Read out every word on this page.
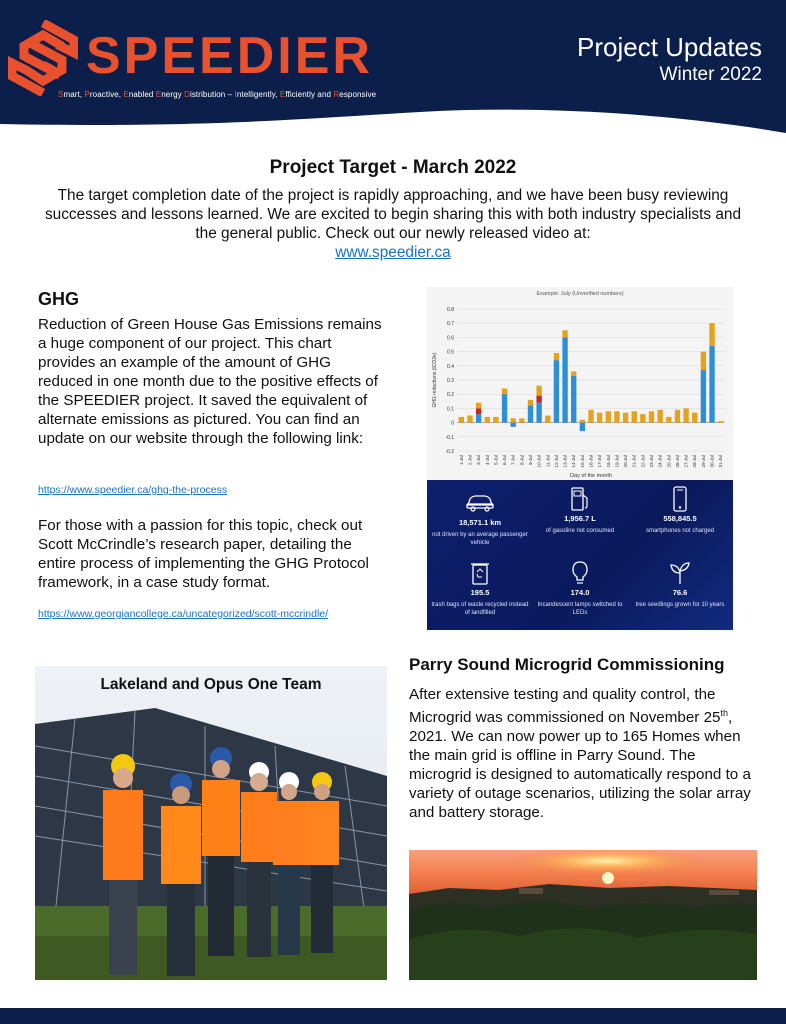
SPEEDIER
Smart, Proactive, Enabled Energy Distribution – Intelligently, Efficiently and Responsive
Project Updates
Winter 2022
Project Target - March 2022
The target completion date of the project is rapidly approaching, and we have been busy reviewing successes and lessons learned. We are excited to begin sharing this with both industry specialists and the general public. Check out our newly released video at:
www.speedier.ca
GHG
Reduction of Green House Gas Emissions remains a huge component of our project. This chart provides an example of the amount of GHG reduced in one month due to the positive effects of the SPEEDIER project. It saved the equivalent of alternate emissions as pictured. You can find an update on our website through the following link:
https://www.speedier.ca/ghg-the-process
For those with a passion for this topic, check out Scott McCrindle’s research paper, detailing the entire process of implementing the GHG Protocol framework, in a case study format.
https://www.georgiancollege.ca/uncategorized/scott-mccrindle/
Example: July (Unverified numbers)
-0.2
-0.1
0
0.1
0.2
0.3
0.4
0.5
0.6
0.7
0.8
1-Jul 2-Jul 3-Jul 4-Jul 5-Jul 6-Jul 7-Jul 8-Jul 9-Jul 10-Jul 11-Jul 12-Jul 13-Jul 14-Jul 15-Jul 16-Jul 17-Jul 18-Jul 19-Jul 20-Jul 21-Jul 22-Jul 23-Jul 24-Jul 25-Jul 26-Jul 27-Jul 28-Jul 29-Jul 30-Jul 31-Jul
GHG reductions (tCO2e)
Day of the month
18,571.1 km
not driven by an average passenger vehicle
1,956.7 L
of gasoline not consumed
558,845.5
smartphones not charged
195.5
trash bags of waste recycled instead of landfilled
174.0
Incandescent lamps switched to LEDs
76.6
tree seedlings grown for 10 years
Lakeland and Opus One Team
Parry Sound Microgrid Commissioning
After extensive testing and quality control, the Microgrid was commissioned on November 25th, 2021. We can now power up to 165 Homes when the main grid is offline in Parry Sound. The microgrid is designed to automatically respond to a variety of outage scenarios, utilizing the solar array and battery storage.
